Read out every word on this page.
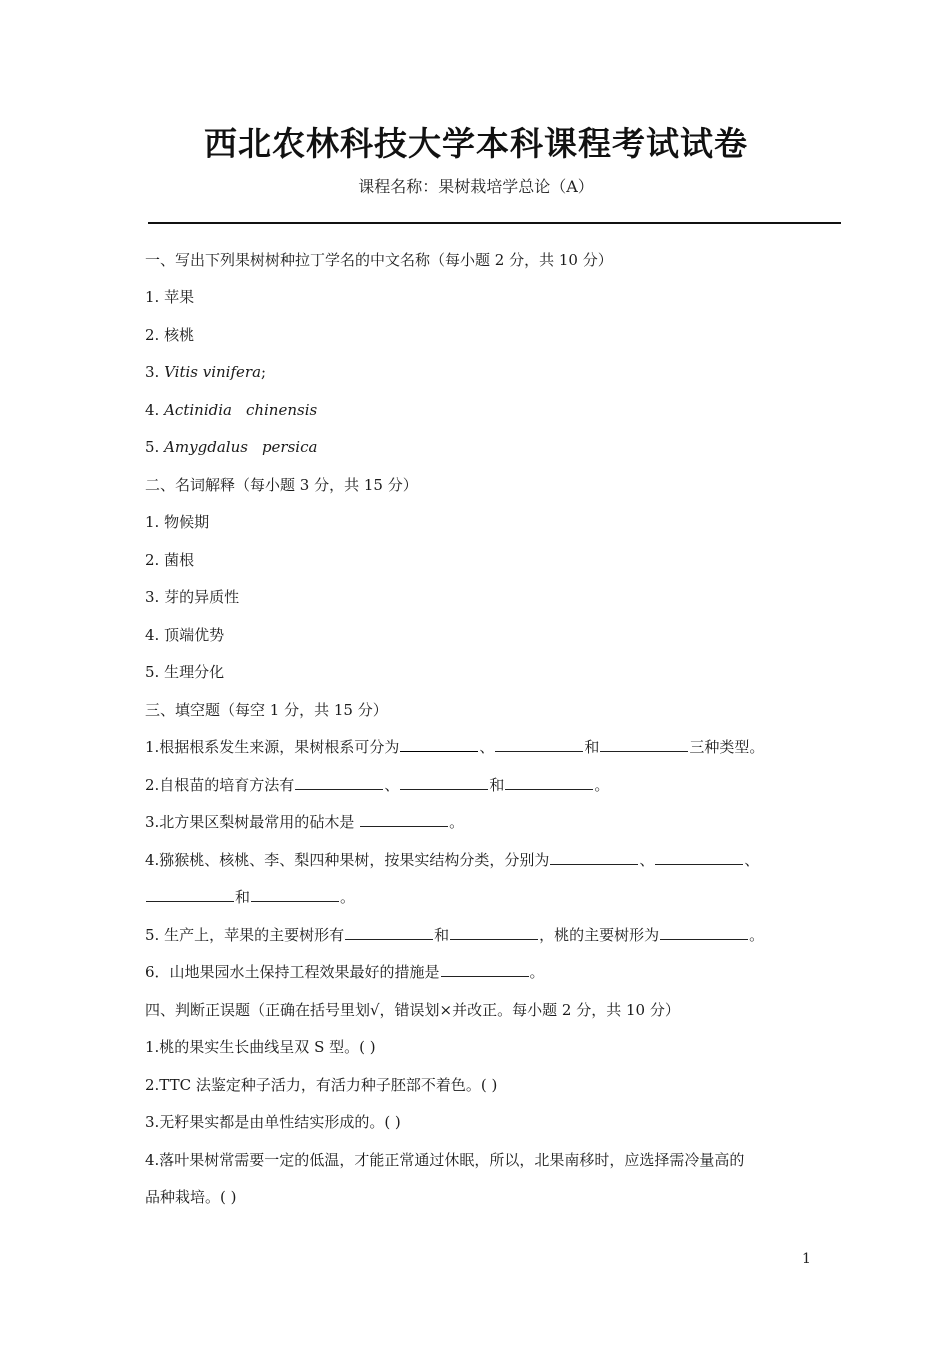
西北农林科技大学本科课程考试试卷
课程名称：果树栽培学总论（A）
一、写出下列果树树种拉丁学名的中文名称（每小题 2 分，共 10 分）
1. 苹果
2. 核桃
3. Vitis vinifera;
4. Actinidia chinensis
5. Amygdalus persica
二、名词解释（每小题 3 分，共 15 分）
1. 物候期
2. 菌根
3. 芽的异质性
4. 顶端优势
5. 生理分化
三、填空题（每空 1 分，共 15 分）
1.根据根系发生来源，果树根系可分为	、	和	三种类型。
2.自根苗的培育方法有	、	和	。
3.北方果区梨树最常用的砧木是	。
4.猕猴桃、核桃、李、梨四种果树，按果实结构分类，分别为	、	、
和	。
5. 生产上，苹果的主要树形有	和	，桃的主要树形为	。
6．山地果园水土保持工程效果最好的措施是	。
四、判断正误题（正确在括号里划√，错误划×并改正。每小题 2 分，共 10 分）
1.桃的果实生长曲线呈双 S 型。( )
2.TTC 法鉴定种子活力，有活力种子胚部不着色。( )
3.无籽果实都是由单性结实形成的。( )
4.落叶果树常需要一定的低温，才能正常通过休眠，所以，北果南移时，应选择需冷量高的
品种栽培。( )
1
